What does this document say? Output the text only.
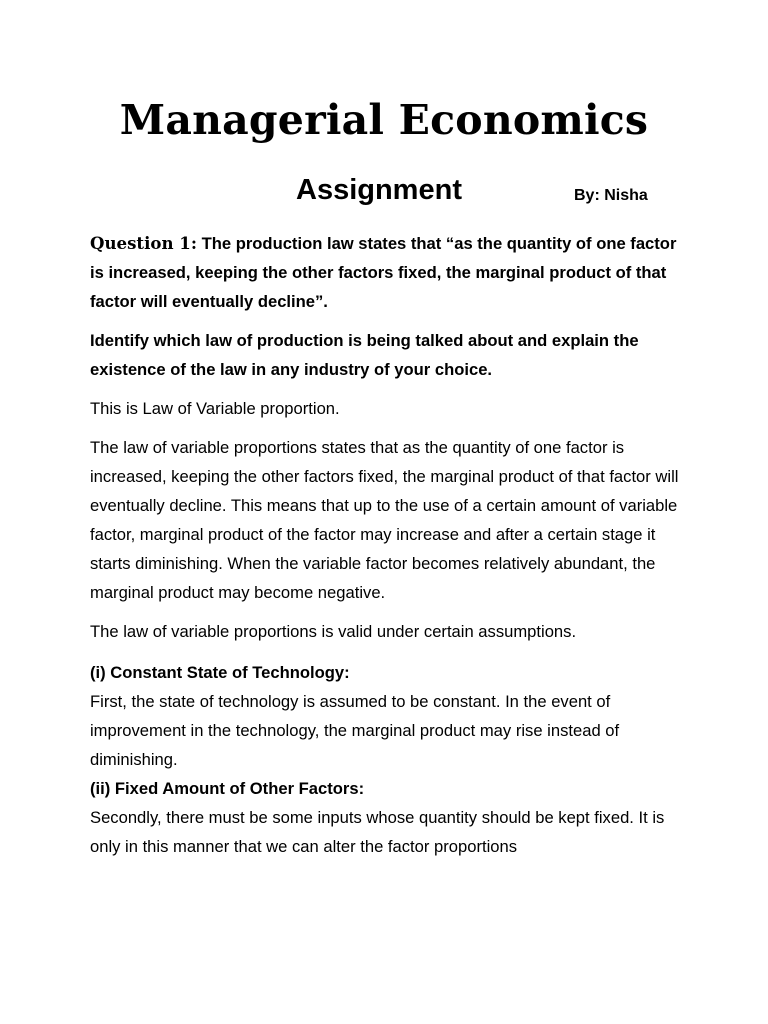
Managerial Economics
Assignment	By: Nisha

Question 1: The production law states that “as the quantity of one factor is increased, keeping the other factors fixed, the marginal product of that factor will eventually decline”.

Identify which law of production is being talked about and explain the existence of the law in any industry of your choice.

This is Law of Variable proportion.

The law of variable proportions states that as the quantity of one factor is increased, keeping the other factors fixed, the marginal product of that factor will eventually decline. This means that up to the use of a certain amount of variable factor, marginal product of the factor may increase and after a certain stage it starts diminishing. When the variable factor becomes relatively abundant, the marginal product may become negative.

The law of variable proportions is valid under certain assumptions.

(i) Constant State of Technology:

First, the state of technology is assumed to be constant. In the event of improvement in the technology, the marginal product may rise instead of diminishing.

(ii) Fixed Amount of Other Factors:

Secondly, there must be some inputs whose quantity should be kept fixed. It is only in this manner that we can alter the factor proportions
